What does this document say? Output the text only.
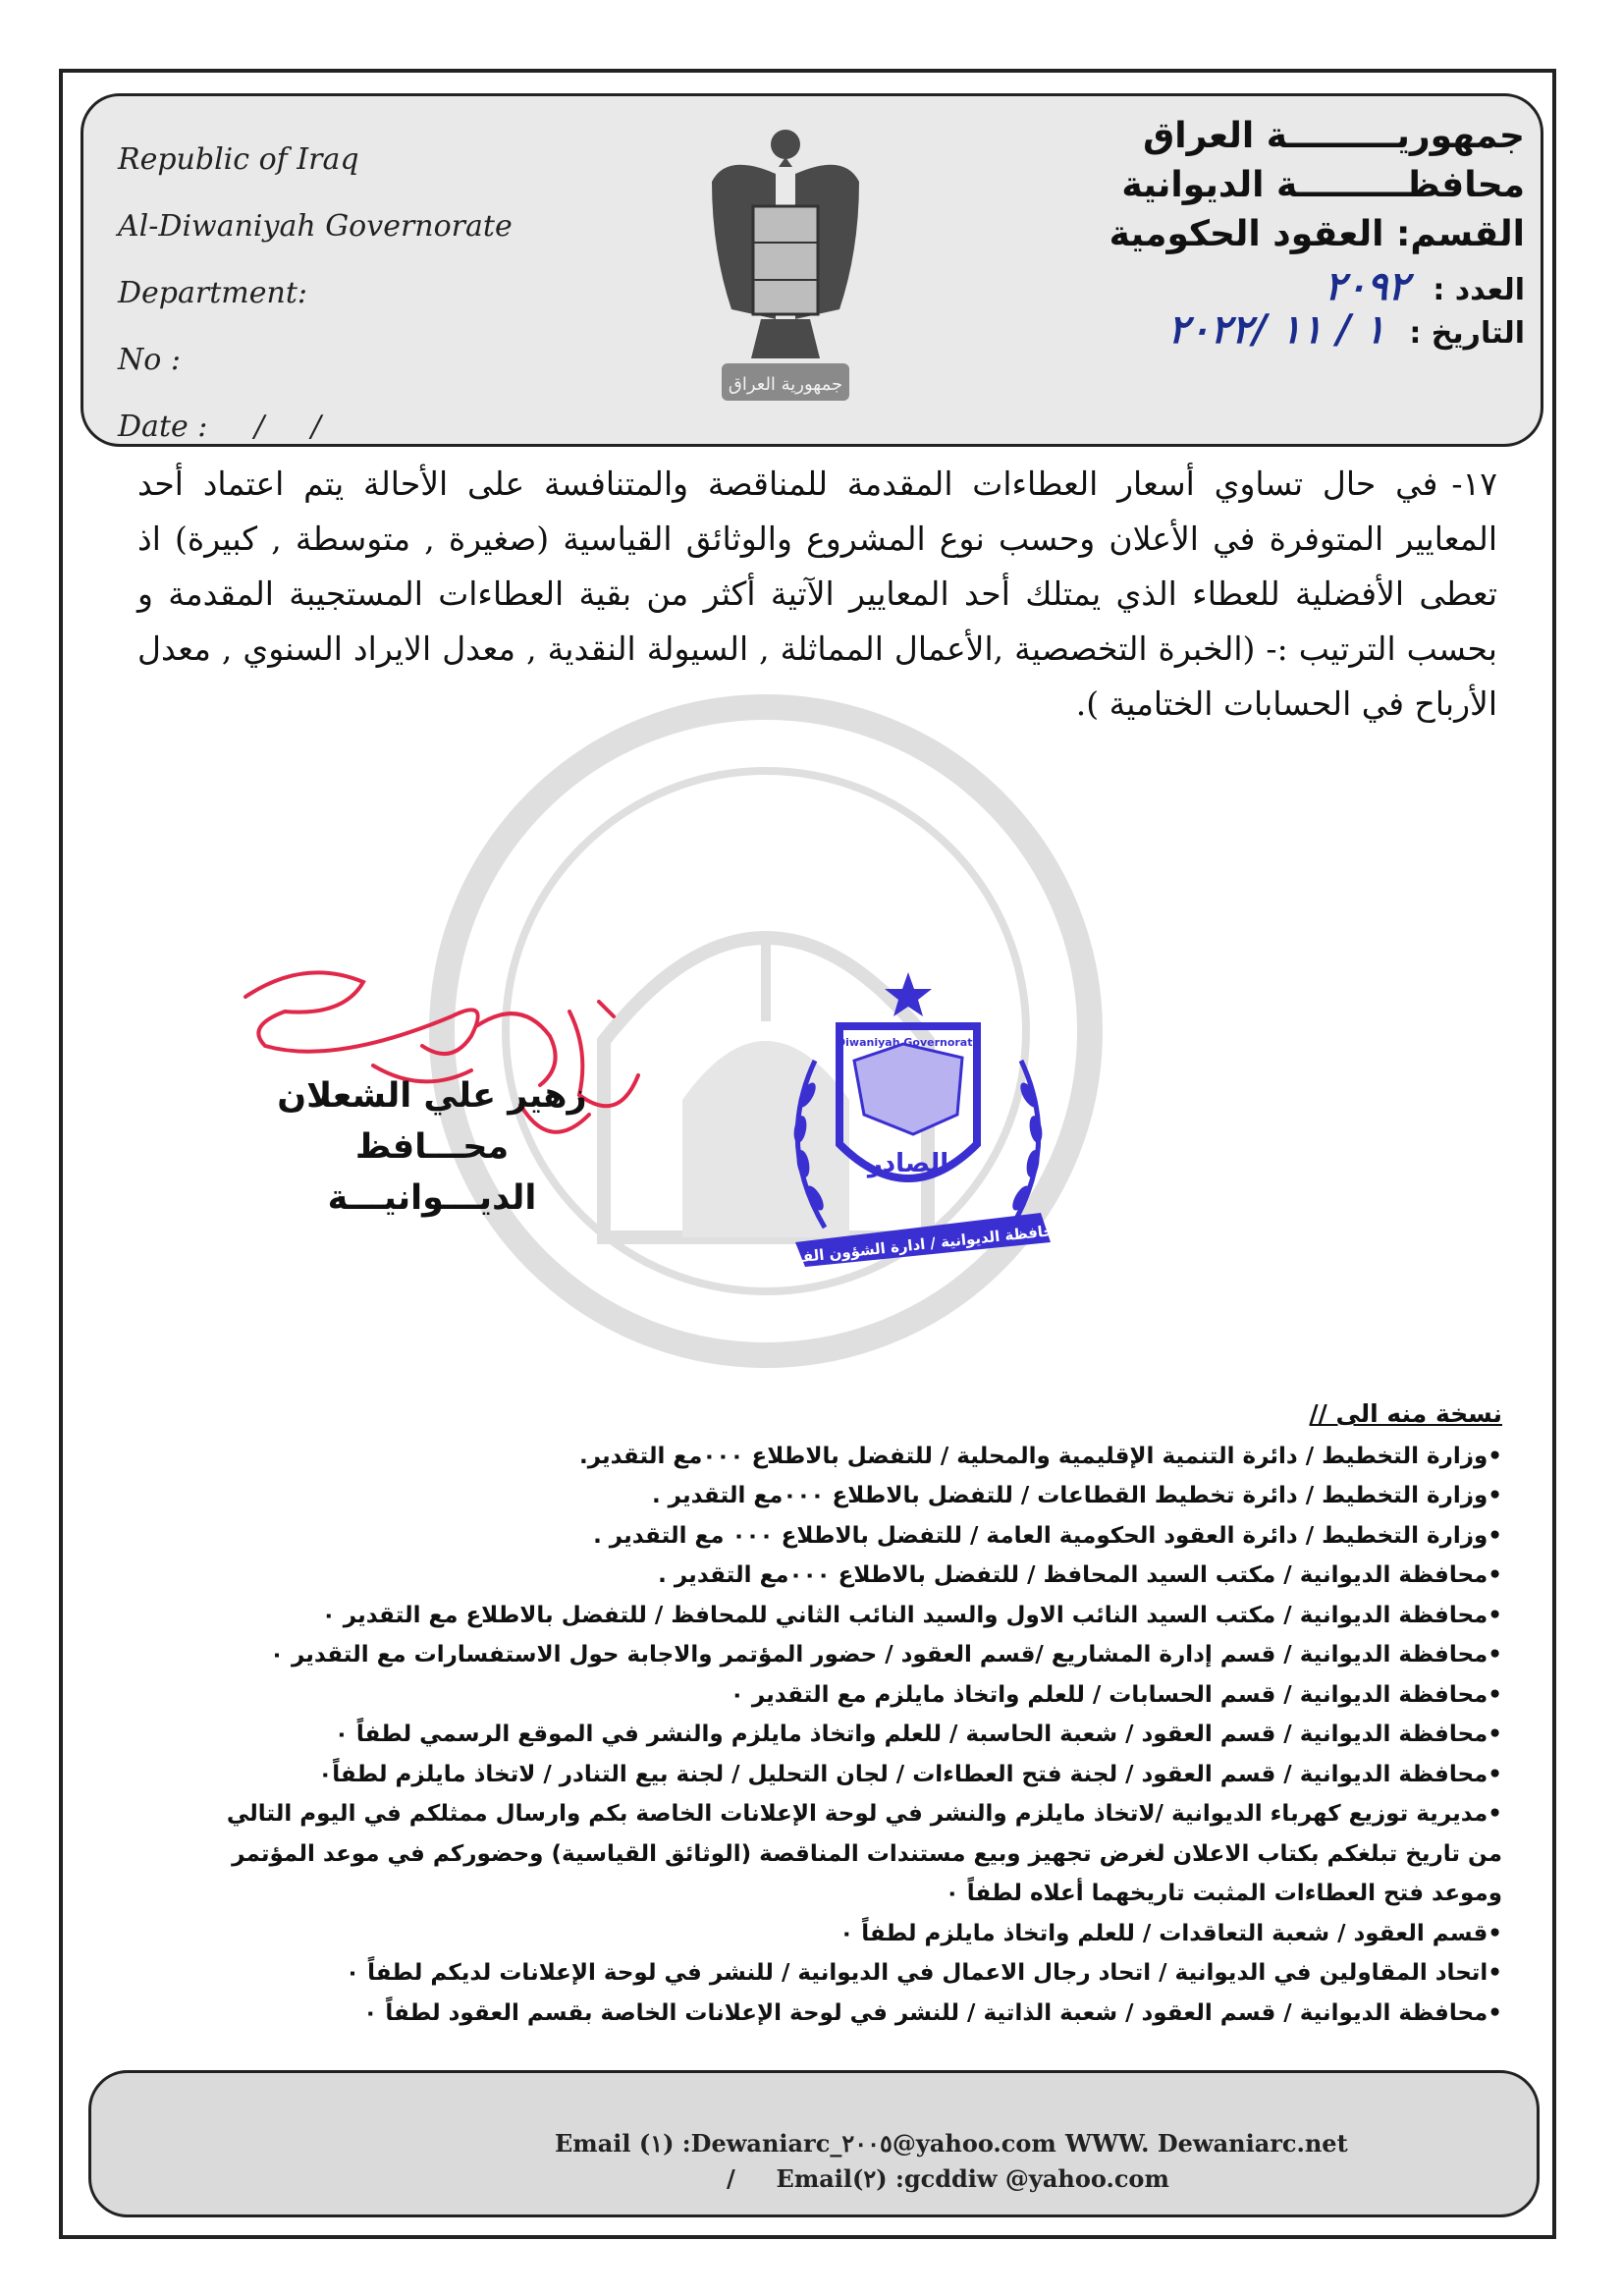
Republic of Iraq
Al-Diwaniyah Governorate
Department:
No :
Date :     /     /
جمهورية العراق
جمهوريـــــــــة العراق
محافظـــــــــة الديوانية
القسم: العقود الحكومية
العدد : ٢٠٩٢
التاريخ : ١ / ١١ /٢٠٢٢
١٧-في حال تساوي أسعار العطاءات المقدمة للمناقصة والمتنافسة على الأحالة يتم اعتماد أحد المعايير المتوفرة في الأعلان وحسب نوع المشروع والوثائق القياسية (صغيرة , متوسطة , كبيرة) اذ تعطى الأفضلية للعطاء الذي يمتلك أحد المعايير الآتية أكثر من بقية العطاءات المستجيبة المقدمة و بحسب الترتيب :- (الخبرة التخصصية ,الأعمال المماثلة , السيولة النقدية , معدل الايراد السنوي , معدل الأرباح في الحسابات الختامية ).
Diwaniyah Governorate
الصادر
محافظة الديوانية / ادارة الشؤون الفنية
زهير علي الشعلان
محـــافظ الديـــوانيـــة
نسخة منه الى //
• وزارة التخطيط / دائرة التنمية الإقليمية والمحلية / للتفضل بالاطلاع ٠٠٠مع التقدير.
• وزارة التخطيط / دائرة تخطيط القطاعات / للتفضل بالاطلاع ٠٠٠مع التقدير .
• وزارة التخطيط / دائرة العقود الحكومية العامة / للتفضل بالاطلاع ٠٠٠ مع التقدير .
• محافظة الديوانية / مكتب السيد المحافظ / للتفضل بالاطلاع ٠٠٠مع التقدير .
• محافظة الديوانية / مكتب السيد النائب الاول والسيد النائب الثاني للمحافظ / للتفضل بالاطلاع مع التقدير ٠
• محافظة الديوانية / قسم إدارة المشاريع /قسم العقود / حضور المؤتمر والاجابة حول الاستفسارات مع التقدير ٠
• محافظة الديوانية / قسم الحسابات / للعلم واتخاذ مايلزم مع التقدير ٠
• محافظة الديوانية / قسم العقود / شعبة الحاسبة / للعلم واتخاذ مايلزم والنشر في الموقع الرسمي لطفاً ٠
• محافظة الديوانية / قسم العقود / لجنة فتح العطاءات / لجان التحليل / لجنة بيع التنادر / لاتخاذ مايلزم لطفاً٠
• مديرية توزيع كهرباء الديوانية /لاتخاذ مايلزم والنشر في لوحة الإعلانات الخاصة بكم وارسال ممثلكم في اليوم التالي من تاريخ تبلغكم بكتاب الاعلان لغرض تجهيز وبيع مستندات المناقصة (الوثائق القياسية) وحضوركم في موعد المؤتمر وموعد فتح العطاءات المثبت تاريخهما أعلاه لطفاً ٠
• قسم العقود / شعبة التعاقدات / للعلم واتخاذ مايلزم لطفاً ٠
• اتحاد المقاولين في الديوانية / اتحاد رجال الاعمال في الديوانية / للنشر في لوحة الإعلانات لديكم لطفاً ٠
• محافظة الديوانية / قسم العقود / شعبة الذاتية / للنشر في لوحة الإعلانات الخاصة بقسم العقود لطفاً ٠
Email (١) :Dewaniarc_٢٠٠٥@yahoo.com WWW. Dewaniarc.net
/     Email(٢) :gcddiw @yahoo.com
